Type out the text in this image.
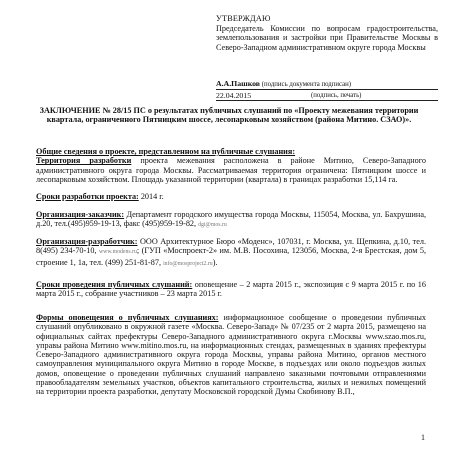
УТВЕРЖДАЮ
Председатель Комиссии по вопросам градостроительства, землепользования и застройки при Правительстве Москвы в Северо-Западном административном округе города Москвы
А.А.Пашков (подпись документа подписан)
22.04.2015	(подпись, печать)
ЗАКЛЮЧЕНИЕ № 28/15 ПС о результатах публичных слушаний по «Проекту межевания территории квартала, ограниченного Пятницким шоссе, лесопарковым хозяйством (района Митино. СЗАО)».
Общие сведения о проекте, представленном на публичные слушания:
Территория разработки проекта межевания расположена в районе Митино, Северо-Западного административного округа города Москвы. Рассматриваемая территория ограничена: Пятницким шоссе и лесопарковым хозяйством. Площадь указанной территории (квартала) в границах разработки 15,114 га.
Сроки разработки проекта: 2014 г.
Организация-заказчик: Департамент городского имущества города Москвы, 115054, Москва, ул. Бахрушина, д.20, тел.(495)959-19-13, факс (495)959-19-82, dgi@mos.ru
Организация-разработчик: ООО Архитектурное Бюро «Моденс», 107031, г. Москва, ул. Щепкина, д.10, тел. 8(495) 234-70-10, www.modens.ru; (ГУП «Моспроект-2» им. М.В. Посохина, 123056, Москва, 2-я Брестская, дом 5, строение 1, 1а, тел. (499) 251-81-87, info@mosproject2.ru).
Сроки проведения публичных слушаний: оповещение – 2 марта 2015 г., экспозиция с 9 марта 2015 г. по 16 марта 2015 г., собрание участников – 23 марта 2015 г.
Формы оповещения о публичных слушаниях: информационное сообщение о проведении публичных слушаний опубликовано в окружной газете «Москва. Северо-Запад» № 07/235 от 2 марта 2015, размещено на официальных сайтах префектуры Северо-Западного административного округа г.Москвы www.szao.mos.ru, управы района Митино www.mitino.mos.ru, на информационных стендах, размещенных в зданиях префектуры Северо-Западного административного округа города Москвы, управы района Митино, органов местного самоуправления муниципального округа Митино в городе Москве, в подъездах или около подъездов жилых домов, оповещение о проведении публичных слушаний направлено заказными почтовыми отправлениями правообладателям земельных участков, объектов капитального строительства, жилых и нежилых помещений на территории проекта разработки, депутату Московской городской Думы Скобинову В.П.,
1
